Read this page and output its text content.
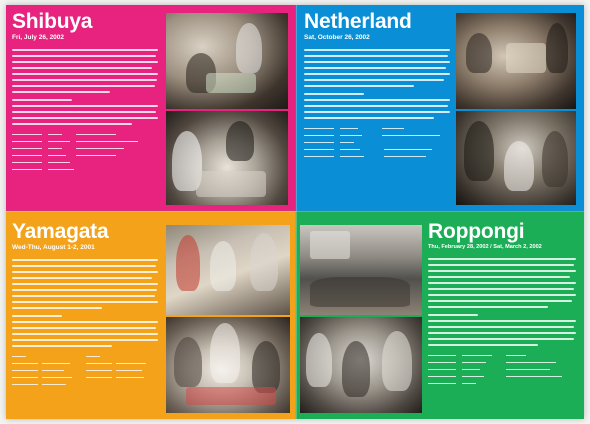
Shibuya
Fri, July 26, 2002
Netherland
Sat, October 26, 2002
Yamagata
Wed-Thu, August 1-2, 2001
Roppongi
Thu, February 28, 2002 / Sat, March 2, 2002
